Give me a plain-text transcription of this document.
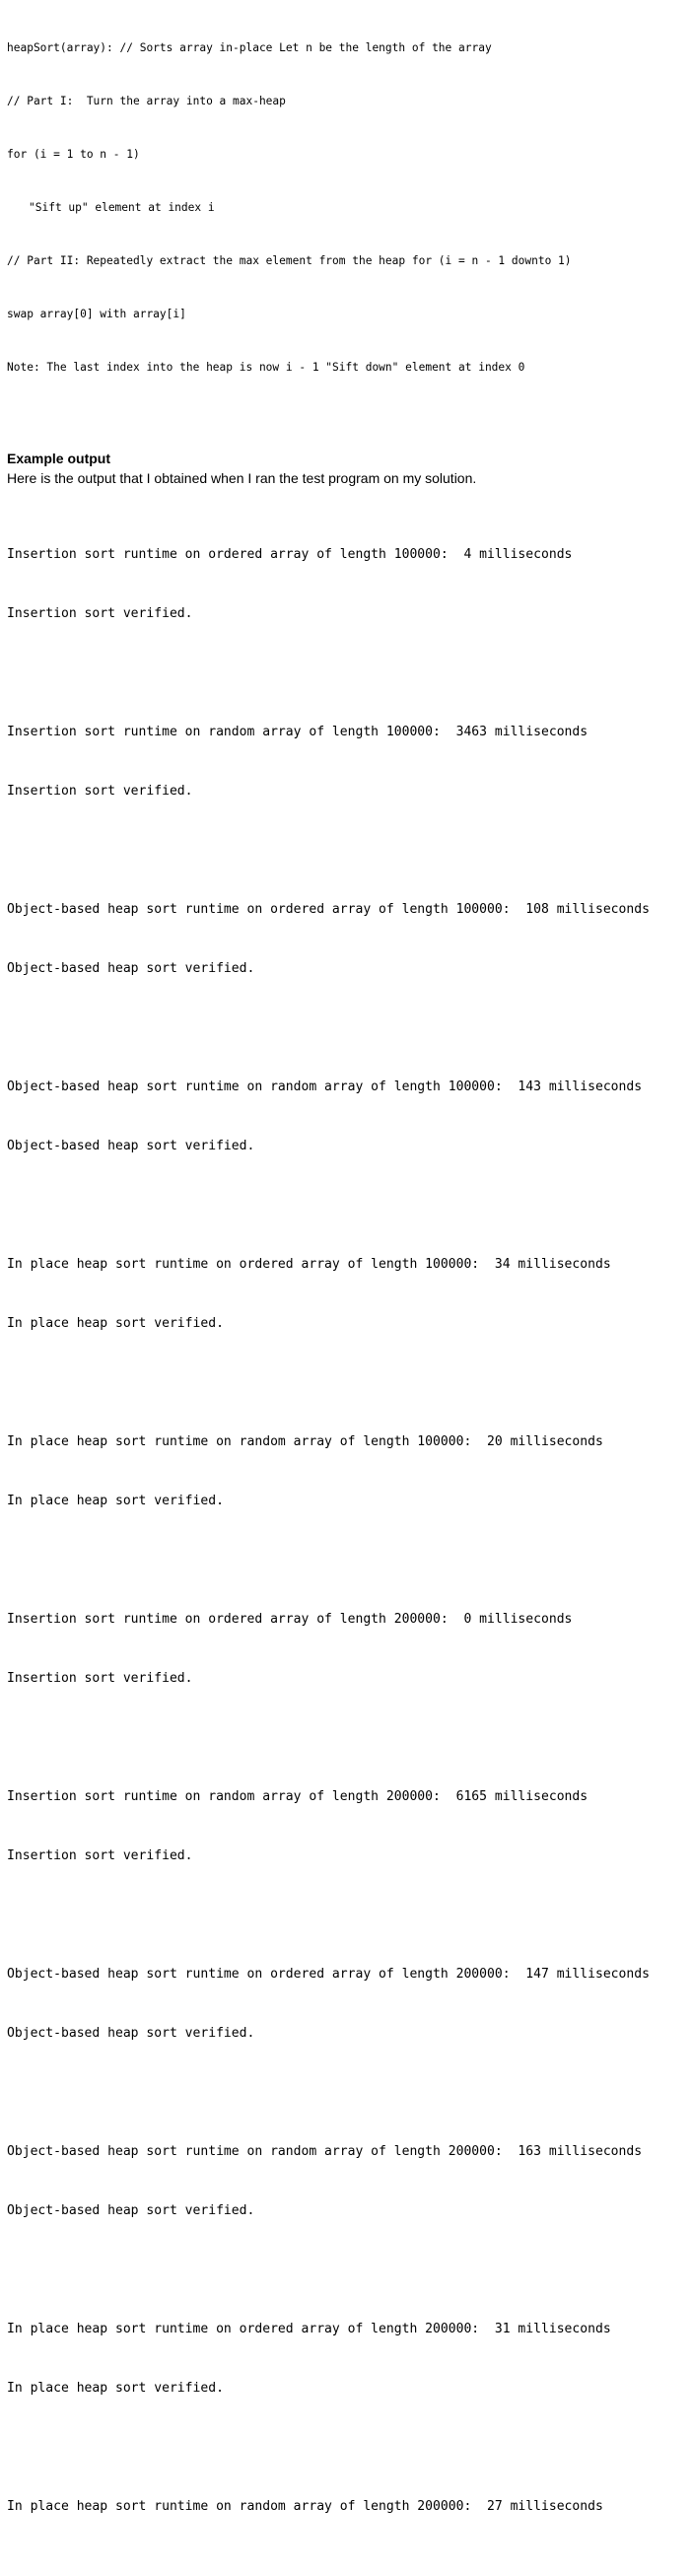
heapSort(array): // Sorts array in-place Let n be the length of the array

// Part I:  Turn the array into a max-heap

for (i = 1 to n - 1)

"Sift up" element at index i

// Part II: Repeatedly extract the max element from the heap for (i = n - 1 downto 1)

swap array[0] with array[i]

Note: The last index into the heap is now i - 1 "Sift down" element at index 0

Example output
Here is the output that I obtained when I ran the test program on my solution.

Insertion sort runtime on ordered array of length 100000:  4 milliseconds

Insertion sort verified.

Insertion sort runtime on random array of length 100000:  3463 milliseconds

Insertion sort verified.

Object-based heap sort runtime on ordered array of length 100000:  108 milliseconds

Object-based heap sort verified.

Object-based heap sort runtime on random array of length 100000:  143 milliseconds

Object-based heap sort verified.

In place heap sort runtime on ordered array of length 100000:  34 milliseconds

In place heap sort verified.

In place heap sort runtime on random array of length 100000:  20 milliseconds

In place heap sort verified.

Insertion sort runtime on ordered array of length 200000:  0 milliseconds

Insertion sort verified.

Insertion sort runtime on random array of length 200000:  6165 milliseconds

Insertion sort verified.

Object-based heap sort runtime on ordered array of length 200000:  147 milliseconds

Object-based heap sort verified.

Object-based heap sort runtime on random array of length 200000:  163 milliseconds

Object-based heap sort verified.

In place heap sort runtime on ordered array of length 200000:  31 milliseconds

In place heap sort verified.

In place heap sort runtime on random array of length 200000:  27 milliseconds
